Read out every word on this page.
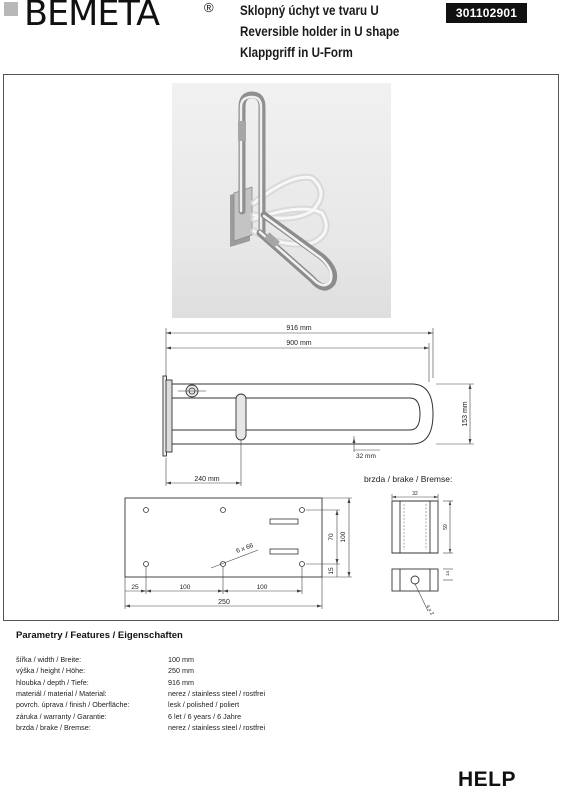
BEMETA	® Sklopný úchyt ve tvaru U
Reversible holder in U shape
Klappgriff in U-Form
301102901
916 mm
900 mm
153 mm
32 mm
240 mm
6 x 66
70 100
15
25	100	100
250
32
59
14
4 x 2
brzda / brake / Bremse:
Parametry / Features / Eigenschaften
šířka / width / Breite:	100 mm
výška / height / Höhe:	250 mm
hloubka / depth / Tiefe:	916 mm
materiál / material / Material:	nerez / stainless steel / rostfrei
povrch. úprava / finish / Oberfläche:	lesk / polished / poliert
záruka / warranty / Garantie:	6 let / 6 years / 6 Jahre
brzda / brake / Bremse:	nerez / stainless steel / rostfrei
HELP
